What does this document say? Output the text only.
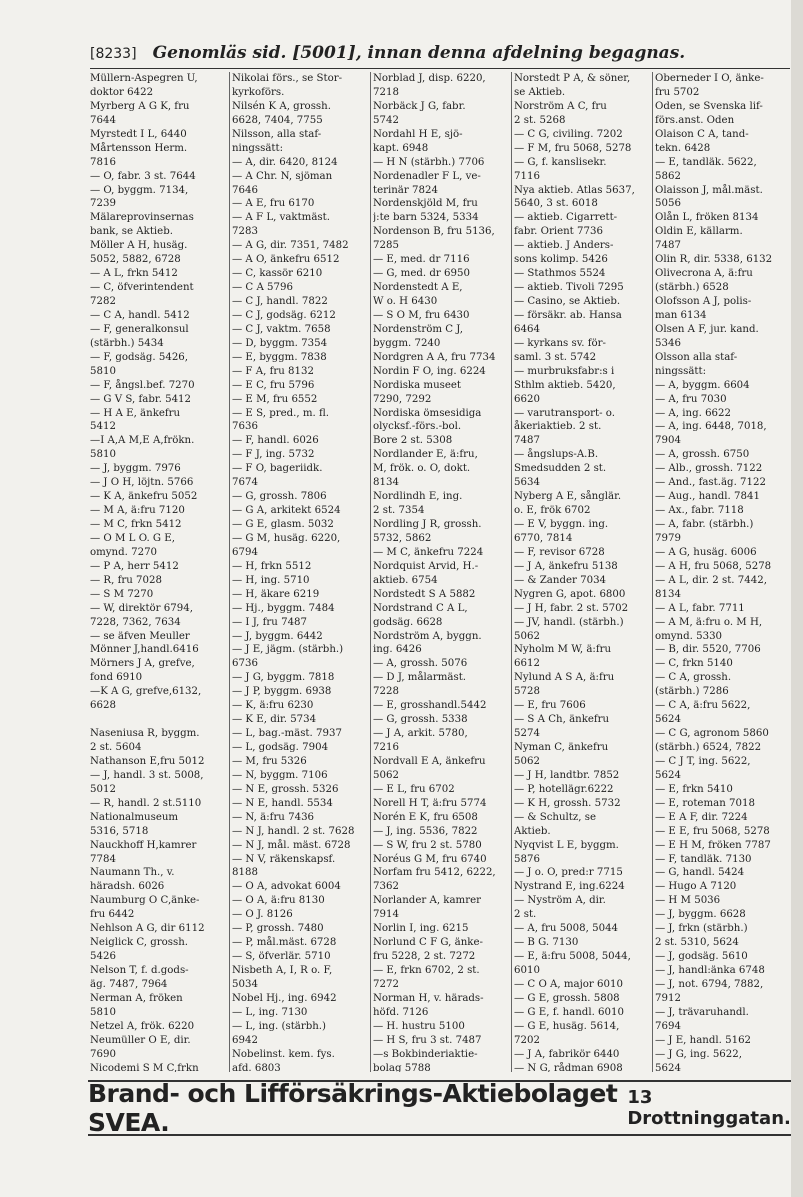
[8233] Genomläs sid. [5001], innan denna afdelning begagnas.
Müllern-Aspegren U,
doktor 6422
Myrberg A G K, fru
7644
Myrstedt I L, 6440
Mårtensson Herm.
7816
— O, fabr. 3 st. 7644
— O, byggm. 7134,
7239
Mälareprovinsernas
bank, se Aktieb.
Möller A H, husäg.
5052, 5882, 6728
— A L, frkn 5412
— C, öfverintendent
7282
— C A, handl. 5412
— F, generalkonsul
(stärbh.) 5434
— F, godsäg. 5426,
5810
— F, ångsl.bef. 7270
— G V S, fabr. 5412
— H A E, änkefru
5412
—I A,A M,E A,frökn.
5810
— J, byggm. 7976
— J O H, löjtn. 5766
— K A, änkefru 5052
— M A, ä:fru 7120
— M C, frkn 5412
— O M L O. G E,
omynd. 7270
— P A, herr 5412
— R, fru 7028
— S M 7270
— W, direktör 6794,
7228, 7362, 7634
— se äfven Meuller
Mönner J,handl.6416
Mörners J A, grefve,
fond 6910
—K A G, grefve,6132,
6628
Naseniusa R, byggm.
2 st. 5604
Nathanson E,fru 5012
— J, handl. 3 st. 5008,
5012
— R, handl. 2 st.5110
Nationalmuseum
5316, 5718
Nauckhoff H,kamrer
7784
Naumann Th., v.
häradsh. 6026
Naumburg O C,änke-
fru 6442
Nehlson A G, dir 6112
Neiglick C, grossh.
5426
Nelson T, f. d.gods-
äg. 7487, 7964
Nerman A, fröken
5810
Netzel A, frök. 6220
Neumüller O E, dir.
7690
Nicodemi S M C,frkn
Nikolai förs., se Stor-
kyrkoförs.
Nilsén K A, grossh.
6628, 7404, 7755
Nilsson, alla staf-
ningssätt:
— A, dir. 6420, 8124
— A Chr. N, sjöman
7646
— A E, fru 6170
— A F L, vaktmäst.
7283
— A G, dir. 7351, 7482
— A O, änkefru 6512
— C, kassör 6210
— C A 5796
— C J, handl. 7822
— C J, godsäg. 6212
— C J, vaktm. 7658
— D, byggm. 7354
— E, byggm. 7838
— F A, fru 8132
— E C, fru 5796
— E M, fru 6552
— E S, pred., m. fl.
7636
— F, handl. 6026
— F J, ing. 5732
— F O, bageriidk.
7674
— G, grossh. 7806
— G A, arkitekt 6524
— G E, glasm. 5032
— G M, husäg. 6220,
6794
— H, frkn 5512
— H, ing. 5710
— H, äkare 6219
— Hj., byggm. 7484
— I J, fru 7487
— J, byggm. 6442
— J E, jägm. (stärbh.)
6736
— J G, byggm. 7818
— J P, byggm. 6938
— K, ä:fru 6230
— K E, dir. 5734
— L, bag.-mäst. 7937
— L, godsäg. 7904
— M, fru 5326
— N, byggm. 7106
— N E, grossh. 5326
— N E, handl. 5534
— N, ä:fru 7436
— N J, handl. 2 st. 7628
— N J, mål. mäst. 6728
— N V, räkenskapsf.
8188
— O A, advokat 6004
— O A, ä:fru 8130
— O J. 8126
— P, grossh. 7480
— P, mål.mäst. 6728
— S, öfverlär. 5710
Nisbeth A, I, R o. F,
5034
Nobel Hj., ing. 6942
— L, ing. 7130
— L, ing. (stärbh.)
6942
Nobelinst. kem. fys.
afd. 6803
Norblad J, disp. 6220,
7218
Norbäck J G, fabr.
5742
Nordahl H E, sjö-
kapt. 6948
— H N (stärbh.) 7706
Nordenadler F L, ve-
terinär 7824
Nordenskjöld M, fru
j:te barn 5324, 5334
Nordenson B, fru 5136,
7285
— E, med. dr 7116
— G, med. dr 6950
Nordenstedt A E,
W o. H 6430
— S O M, fru 6430
Nordenström C J,
byggm. 7240
Nordgren A A, fru 7734
Nordin F O, ing. 6224
Nordiska museet
7290, 7292
Nordiska ömsesidiga
olycksf.-förs.-bol.
Bore 2 st. 5308
Nordlander E, ä:fru,
M, frök. o. O, dokt.
8134
Nordlindh E, ing.
2 st. 7354
Nordling J R, grossh.
5732, 5862
— M C, änkefru 7224
Nordquist Arvid, H.-
aktieb. 6754
Nordstedt S A 5882
Nordstrand C A L,
godsäg. 6628
Nordström A, byggn.
ing. 6426
— A, grossh. 5076
— D J, målarmäst.
7228
— E, grosshandl.5442
— G, grossh. 5338
— J A, arkit. 5780,
7216
Nordvall E A, änkefru
5062
— E L, fru 6702
Norell H T, ä:fru 5774
Norén E K, fru 6508
— J, ing. 5536, 7822
— S W, fru 2 st. 5780
Noréus G M, fru 6740
Norfam fru 5412, 6222,
7362
Norlander A, kamrer
7914
Norlin I, ing. 6215
Norlund C F G, änke-
fru 5228, 2 st. 7272
— E, frkn 6702, 2 st.
7272
Norman H, v. härads-
höfd. 7126
— H. hustru 5100
— H S, fru 3 st. 7487
—s Bokbinderiaktie-
bolag 5788
Norstedt P A, & söner,
se Aktieb.
Norström A C, fru
2 st. 5268
— C G, civiling. 7202
— F M, fru 5068, 5278
— G, f. kanslisekr.
7116
Nya aktieb. Atlas 5637,
5640, 3 st. 6018
— aktieb. Cigarrett-
fabr. Orient 7736
— aktieb. J Anders-
sons kolimp. 5426
— Stathmos 5524
— aktieb. Tivoli 7295
— Casino, se Aktieb.
— försäkr. ab. Hansa
6464
— kyrkans sv. för-
saml. 3 st. 5742
— murbruksfabr:s i
Sthlm aktieb. 5420,
6620
— varutransport- o.
åkeriaktieb. 2 st.
7487
— ångslups-A.B.
Smedsudden 2 st.
5634
Nyberg A E, sånglär.
o. E, frök 6702
— E V, byggn. ing.
6770, 7814
— F, revisor 6728
— J A, änkefru 5138
— & Zander 7034
Nygren G, apot. 6800
— J H, fabr. 2 st. 5702
— JV, handl. (stärbh.)
5062
Nyholm M W, ä:fru
6612
Nylund A S A, ä:fru
5728
— E, fru 7606
— S A Ch, änkefru
5274
Nyman C, änkefru
5062
— J H, landtbr. 7852
— P, hotellägr.6222
— K H, grossh. 5732
— & Schultz, se
Aktieb.
Nyqvist L E, byggm.
5876
— J o. O, pred:r 7715
Nystrand E, ing.6224
— Nyström A, dir.
2 st.
— A, fru 5008, 5044
— B G. 7130
— E, ä:fru 5008, 5044,
6010
— C O A, major 6010
— G E, grossh. 5808
— G E, f. handl. 6010
— G E, husäg. 5614,
7202
— J A, fabrikör 6440
— N G, rådman 6908
Oberneder I O, änke-
fru 5702
Oden, se Svenska lif-
förs.anst. Oden
Olaison C A, tand-
tekn. 6428
— E, tandläk. 5622,
5862
Olaisson J, mål.mäst.
5056
Olån L, fröken 8134
Oldin E, källarm.
7487
Olin R, dir. 5338, 6132
Olivecrona A, ä:fru
(stärbh.) 6528
Olofsson A J, polis-
man 6134
Olsen A F, jur. kand.
5346
Olsson alla staf-
ningssätt:
— A, byggm. 6604
— A, fru 7030
— A, ing. 6622
— A, ing. 6448, 7018,
7904
— A, grossh. 6750
— Alb., grossh. 7122
— And., fast.äg. 7122
— Aug., handl. 7841
— Ax., fabr. 7118
— A, fabr. (stärbh.)
7979
— A G, husäg. 6006
— A H, fru 5068, 5278
— A L, dir. 2 st. 7442,
8134
— A L, fabr. 7711
— A M, ä:fru o. M H,
omynd. 5330
— B, dir. 5520, 7706
— C, frkn 5140
— C A, grossh.
(stärbh.) 7286
— C A, ä:fru 5622,
5624
— C G, agronom 5860
(stärbh.) 6524, 7822
— C J T, ing. 5622,
5624
— E, frkn 5410
— E, roteman 7018
— E A F, dir. 7224
— E E, fru 5068, 5278
— E H M, fröken 7787
— F, tandläk. 7130
— G, handl. 5424
— Hugo A 7120
— H M 5036
— J, byggm. 6628
— J, frkn (stärbh.)
2 st. 5310, 5624
— J, godsäg. 5610
— J, handl:änka 6748
— J, not. 6794, 7882,
7912
— J, trävaruhandl.
7694
— J E, handl. 5162
— J G, ing. 5622,
5624
Brand- och Lifförsäkrings-Aktiebolaget SVEA.
13 Drottninggatan.
